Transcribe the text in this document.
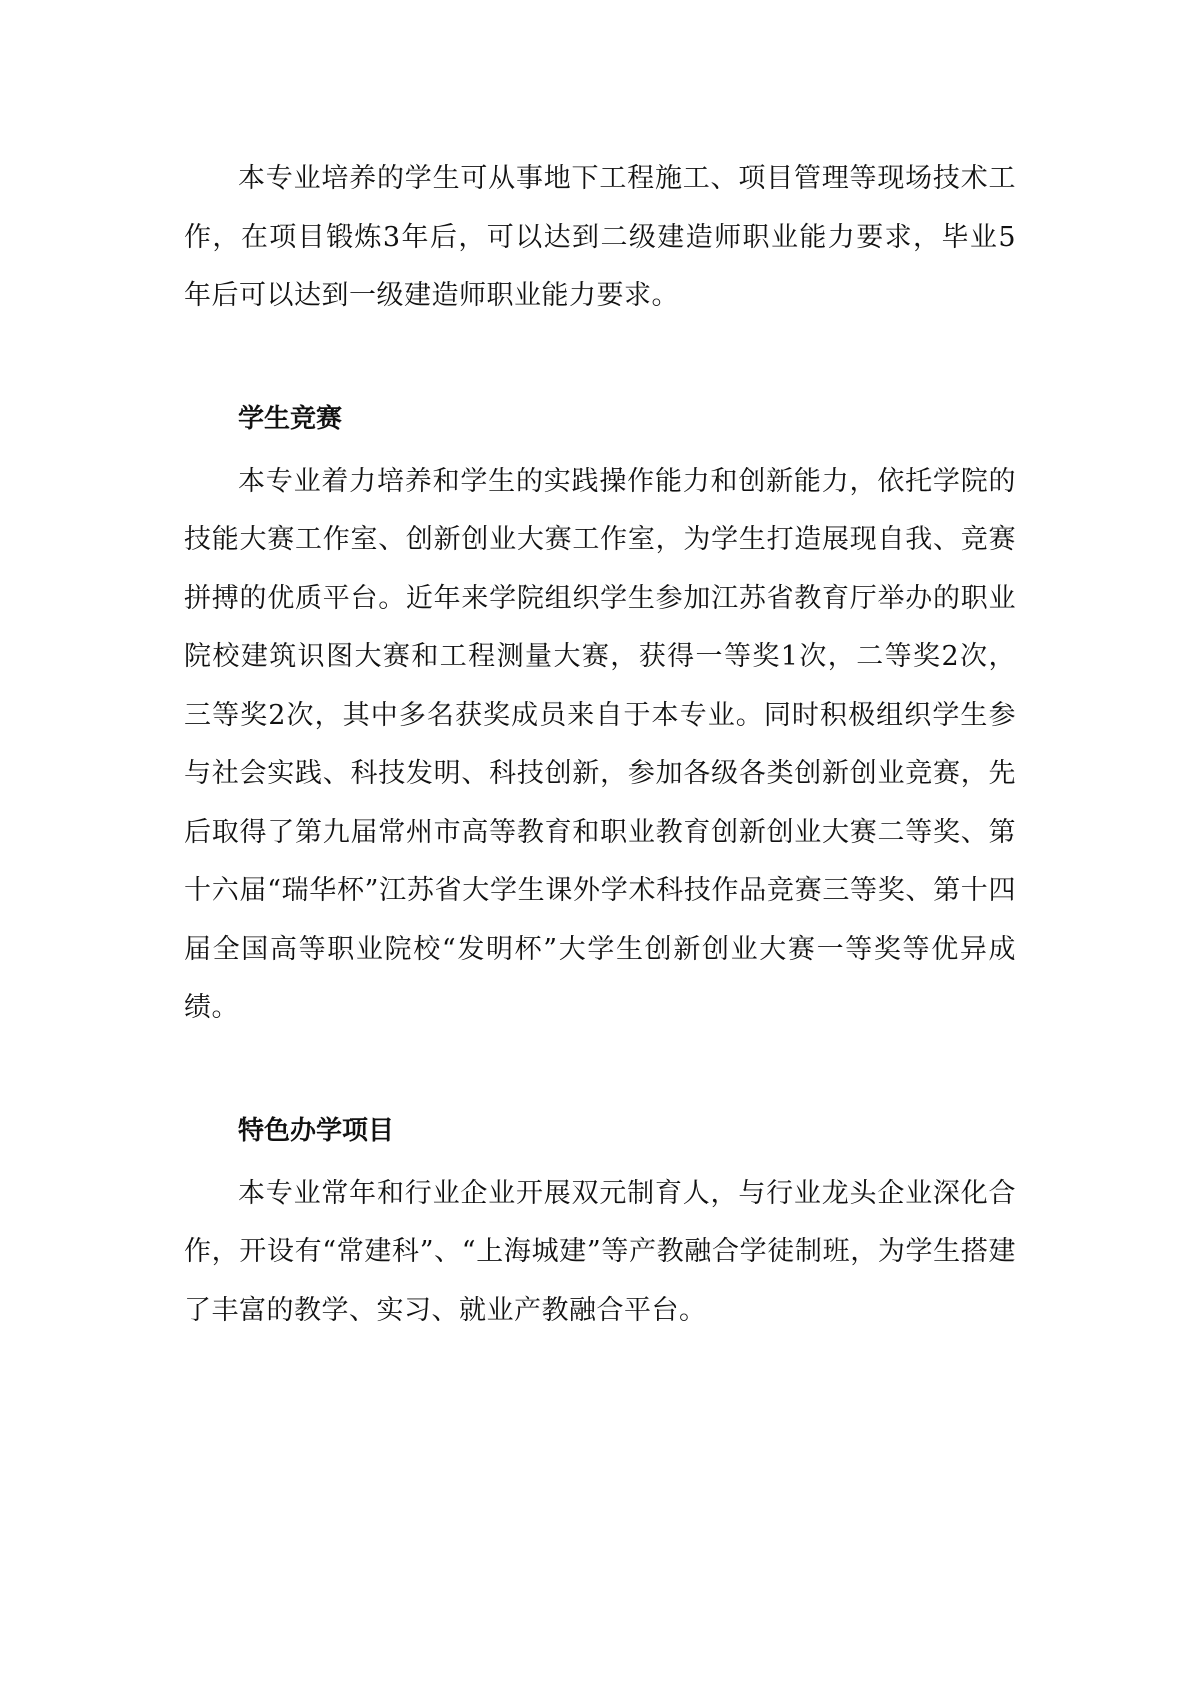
本专业培养的学生可从事地下工程施工、项目管理等现场技术工作，在项目锻炼3年后，可以达到二级建造师职业能力要求，毕业5年后可以达到一级建造师职业能力要求。

学生竞赛

本专业着力培养和学生的实践操作能力和创新能力，依托学院的技能大赛工作室、创新创业大赛工作室，为学生打造展现自我、竞赛拼搏的优质平台。近年来学院组织学生参加江苏省教育厅举办的职业院校建筑识图大赛和工程测量大赛，获得一等奖1次，二等奖2次，三等奖2次，其中多名获奖成员来自于本专业。同时积极组织学生参与社会实践、科技发明、科技创新，参加各级各类创新创业竞赛，先后取得了第九届常州市高等教育和职业教育创新创业大赛二等奖、第十六届“瑞华杯”江苏省大学生课外学术科技作品竞赛三等奖、第十四届全国高等职业院校“发明杯”大学生创新创业大赛一等奖等优异成绩。

特色办学项目

本专业常年和行业企业开展双元制育人，与行业龙头企业深化合作，开设有“常建科”、“上海城建”等产教融合学徒制班，为学生搭建了丰富的教学、实习、就业产教融合平台。
